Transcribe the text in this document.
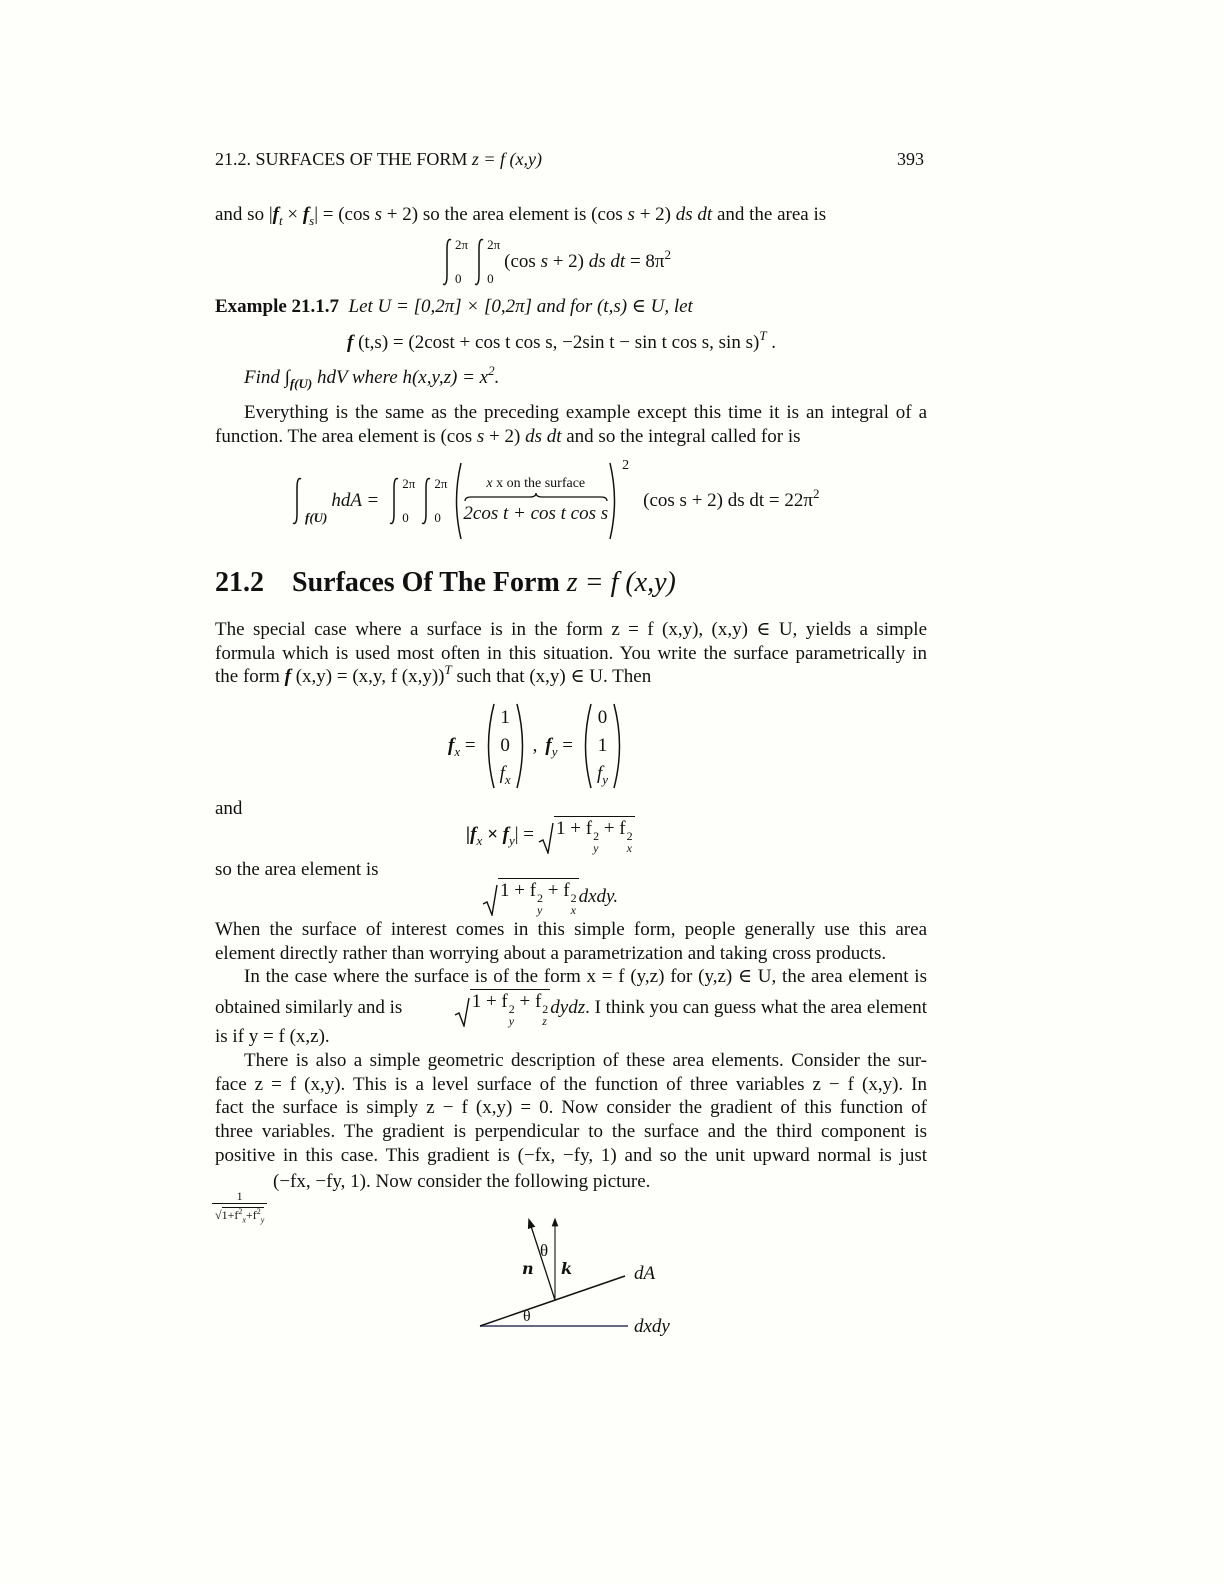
21.2. SURFACES OF THE FORM z = f (x,y)	393
and so $|f_t \times f_s| = (\cos$ s + 2) so the area element is (cos s + 2) ds dt and the area is
2π
0
2π
0
(cos s + 2) ds dt = $8\pi^2$
Example 21.1.7 Let U = [0,2π] × [0,2π] and for (t,s) ∈ U, let
f (t,s) = (2cost + cos t cos s, −2sin t − sin t cos s, sin s)$^T$ .
Find $\int_{f(U)}$ hdV where $h(x,y,z) = x^2$.
Everything is the same as the preceding example except this time it is an integral of a
function. The area element is (cos s + 2) ds dt and so the integral called for is
f(U)
hdA =
2π
0
2π
0
x x on the surface
2cos t + cos t cos s
2
(cos s + 2) ds dt = $22\pi^2$
21.2 Surfaces Of The Form z = f (x,y)
The special case where a surface is in the form z = f (x,y), (x,y) ∈ U, yields a simple
formula which is used most often in this situation. You write the surface parametrically in
the form f (x,y) = (x,y, f (x,y))$^T$ such that (x,y) ∈ U. Then
$f_x$ =
1
0
$f_x$
, $f_y$ =
0
1
$f_y$
and
$|f_x \times f_y| = 1 + f$ 2
y
+ f 2
x
so the area element is
1 + f 2
y
+ f 2
x
dxdy.
When the surface of interest comes in this simple form, people generally use this area
element directly rather than worrying about a parametrization and taking cross products.
In the case where the surface is of the form x = f (y,z) for (y,z) ∈ U, the area element is
obtained similarly and is	1 + f 2
y
+ f 2
z
dydz . I think you can guess what the area element
is if y = f (x,z).
There is also a simple geometric description of these area elements. Consider the sur-
face z = f (x,y). This is a level surface of the function of three variables z − f (x,y). In
fact the surface is simply z − f (x,y) = 0. Now consider the gradient of this function of
three variables. The gradient is perpendicular to the surface and the third component is
positive in this case. This gradient is (−fx, −fy, 1) and so the unit upward normal is just
$\frac{1}{√1+f^2_x+f^2_y}$
(−fx, −fy, 1). Now consider the following picture.
θ
n k	dA
θ	dxdy
